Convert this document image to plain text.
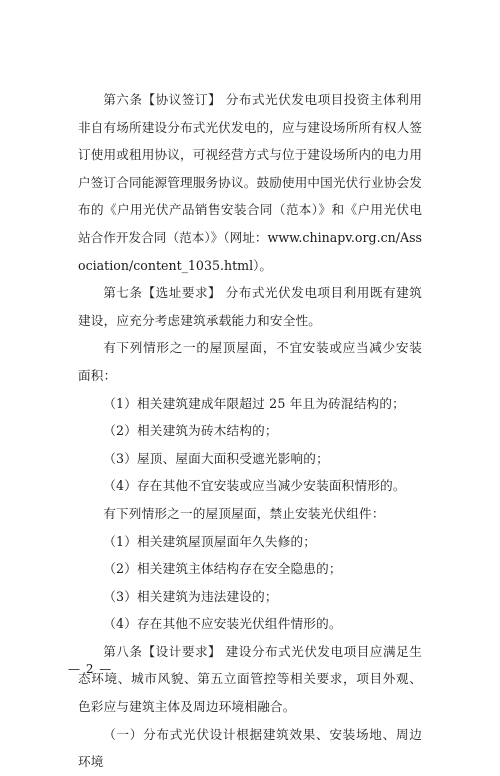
第六条【协议签订】 分布式光伏发电项目投资主体利用非自有场所建设分布式光伏发电的，应与建设场所所有权人签订使用或租用协议，可视经营方式与位于建设场所内的电力用户签订合同能源管理服务协议。鼓励使用中国光伏行业协会发布的《户用光伏产品销售安装合同（范本）》和《户用光伏电站合作开发合同（范本）》（网址：www.chinapv.org.cn/Association/content_1035.html）。

第七条【选址要求】 分布式光伏发电项目利用既有建筑建设，应充分考虑建筑承载能力和安全性。

有下列情形之一的屋顶屋面，不宜安装或应当减少安装面积：

（1）相关建筑建成年限超过 25 年且为砖混结构的；

（2）相关建筑为砖木结构的；

（3）屋顶、屋面大面积受遮光影响的；

（4）存在其他不宜安装或应当减少安装面积情形的。

有下列情形之一的屋顶屋面，禁止安装光伏组件：

（1）相关建筑屋顶屋面年久失修的；

（2）相关建筑主体结构存在安全隐患的；

（3）相关建筑为违法建设的；

（4）存在其他不应安装光伏组件情形的。

第八条【设计要求】 建设分布式光伏发电项目应满足生态环境、城市风貌、第五立面管控等相关要求，项目外观、色彩应与建筑主体及周边环境相融合。

（一）分布式光伏设计根据建筑效果、安装场地、周边环境

— 2 —
